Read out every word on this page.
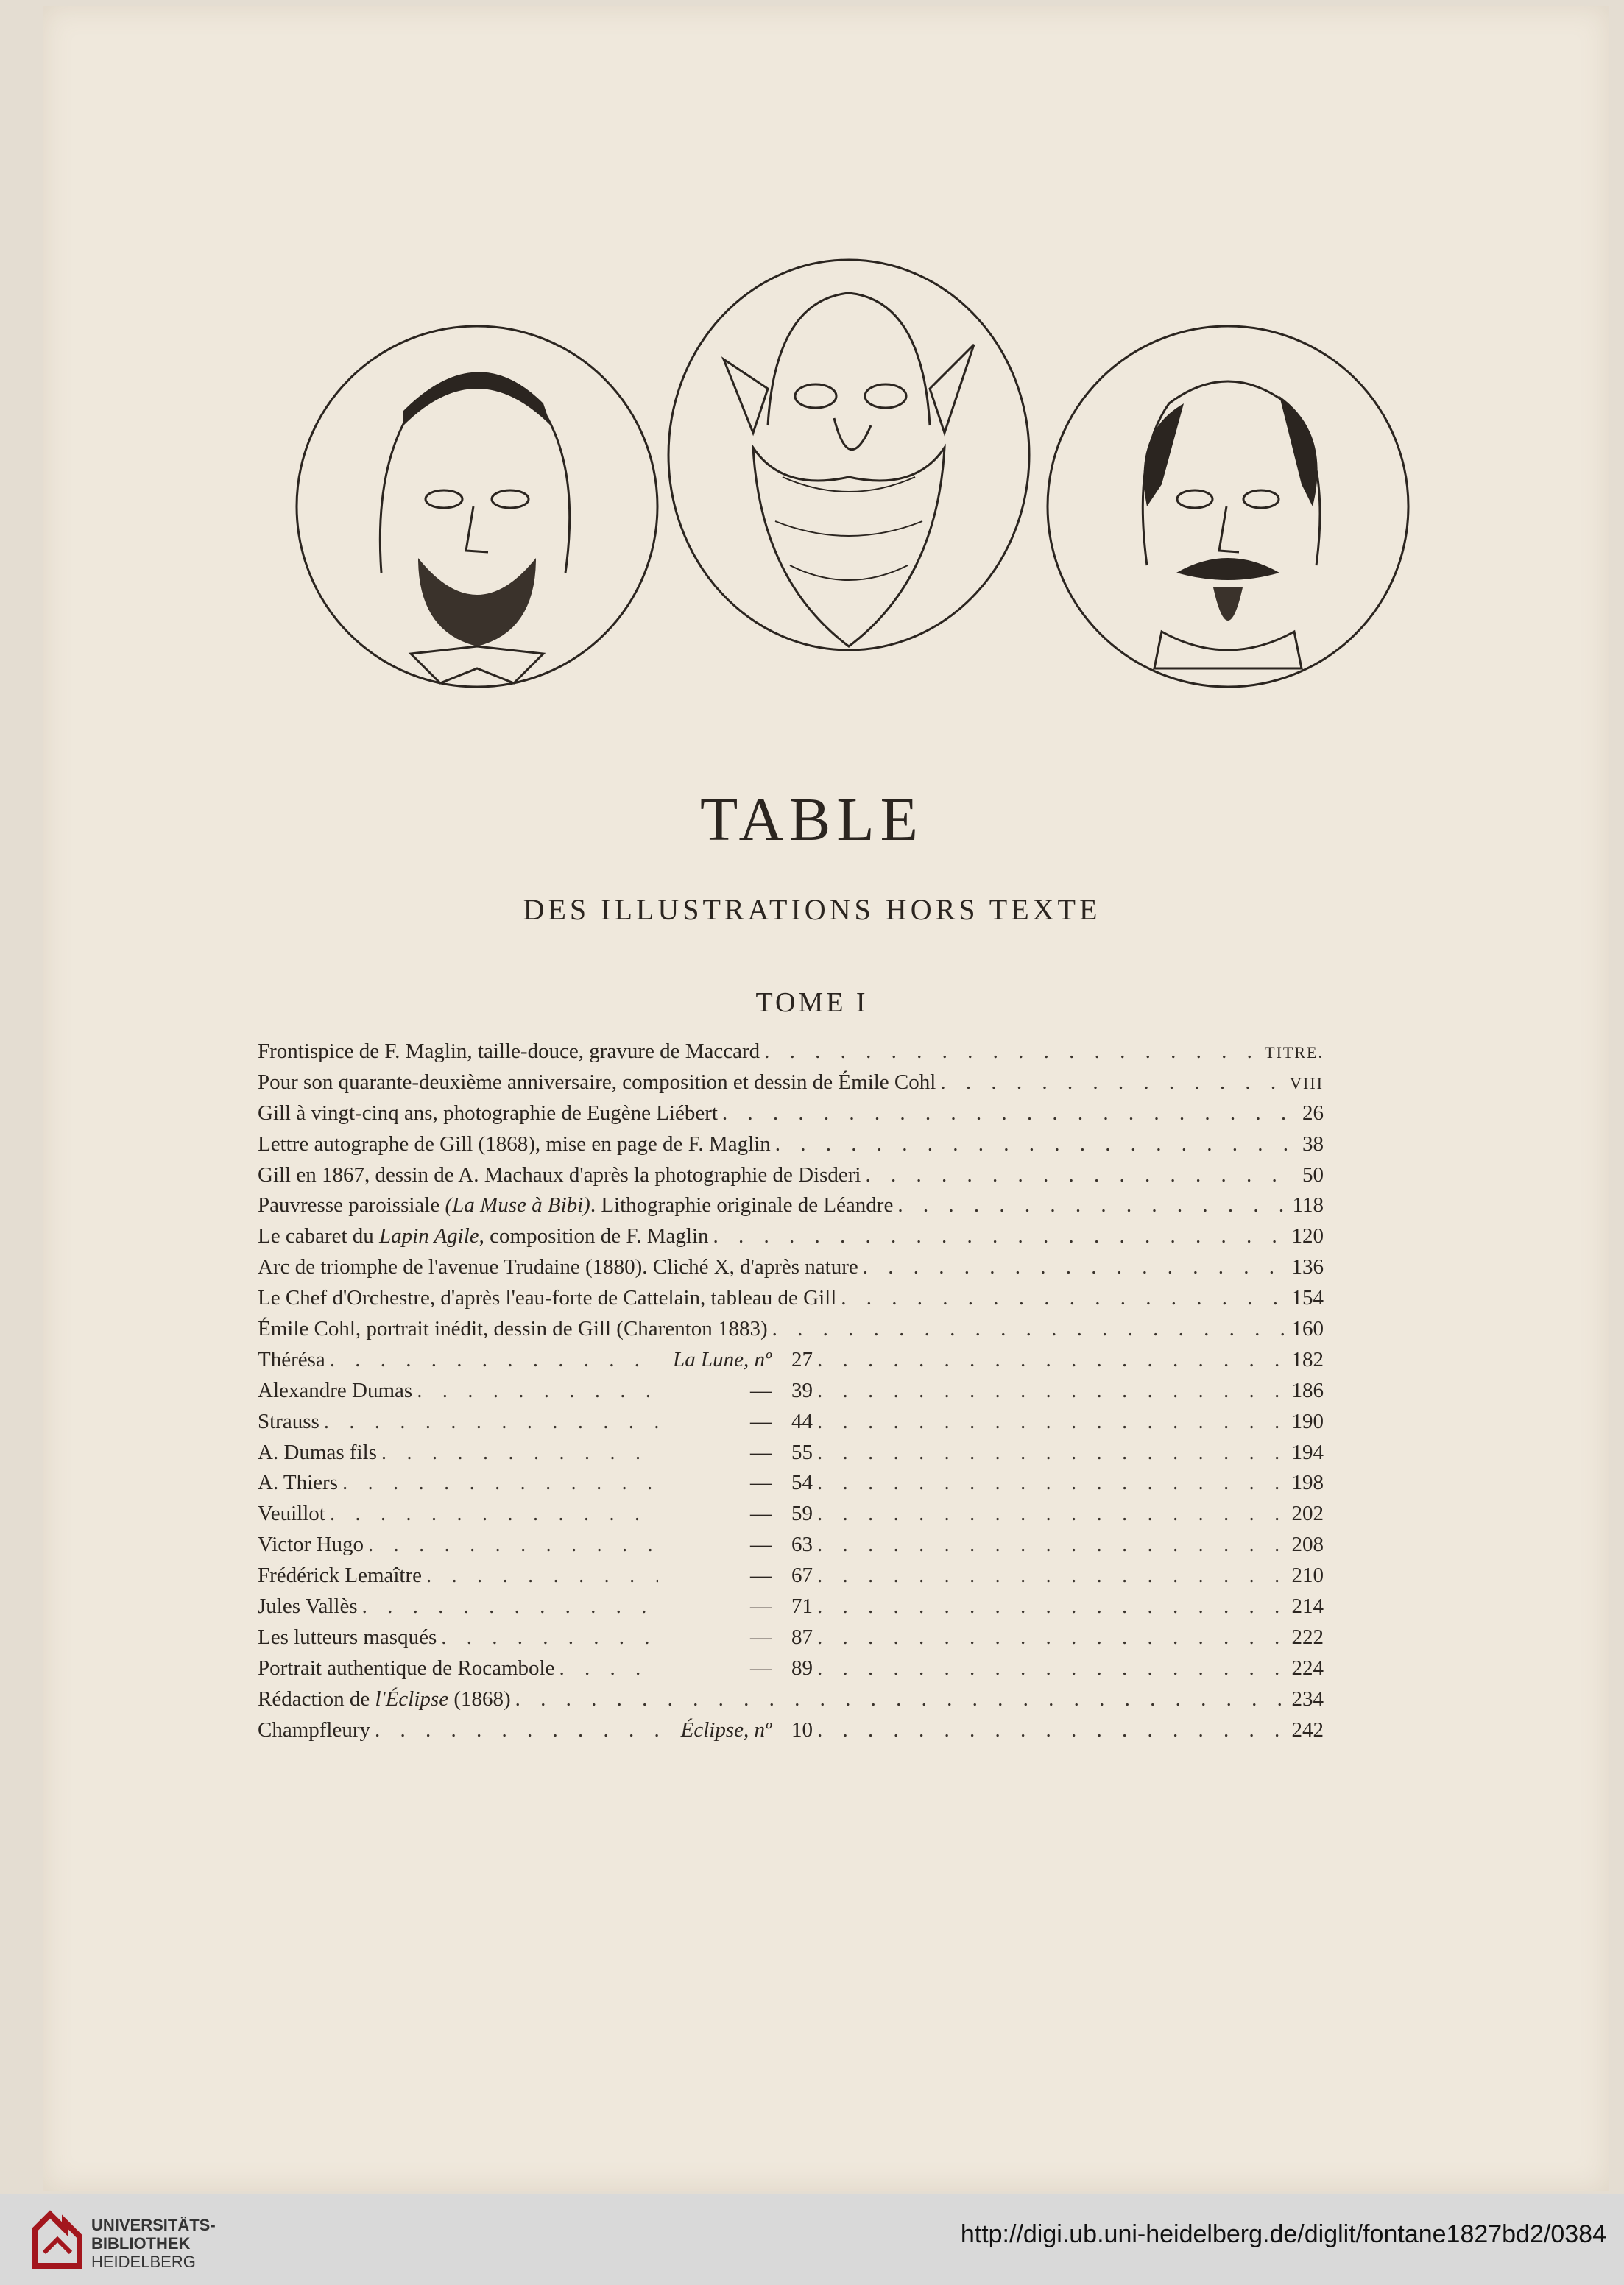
TABLE
DES ILLUSTRATIONS HORS TEXTE
TOME I
Frontispice de F. Maglin, taille-douce, gravure de Maccard . . .	TITRE.
Pour son quarante-deuxième anniversaire, composition et dessin de Émile Cohl . . .	VIII
Gill à vingt-cinq ans, photographie de Eugène Liébert . . .	26
Lettre autographe de Gill (1868), mise en page de F. Maglin . . .	38
Gill en 1867, dessin de A. Machaux d'après la photographie de Disderi . . .	50
Pauvresse paroissiale (La Muse à Bibi). Lithographie originale de Léandre . . .	118
Le cabaret du Lapin Agile, composition de F. Maglin . . .	120
Arc de triomphe de l'avenue Trudaine (1880). Cliché X, d'après nature . . .	136
Le Chef d'Orchestre, d'après l'eau-forte de Cattelain, tableau de Gill . . .	154
Émile Cohl, portrait inédit, dessin de Gill (Charenton 1883) . . .	160
Thérésa . . .	La Lune, nº 27 . . .	182
Alexandre Dumas . . .	— 39 . . .	186
Strauss . . .	— 44 . . .	190
A. Dumas fils . . .	— 55 . . .	194
A. Thiers . . .	— 54 . . .	198
Veuillot . . .	— 59 . . .	202
Victor Hugo . . .	— 63 . . .	208
Frédérick Lemaître . . .	— 67 . . .	210
Jules Vallès . . .	— 71 . . .	214
Les lutteurs masqués . . .	— 87 . . .	222
Portrait authentique de Rocambole . . .	— 89 . . .	224
Rédaction de l'Éclipse (1868) . . .	234
Champfleury . . .	Éclipse, nº 10 . . .	242
UNIVERSITÄTS-
BIBLIOTHEK
HEIDELBERG
http://digi.ub.uni-heidelberg.de/diglit/fontane1827bd2/0384
